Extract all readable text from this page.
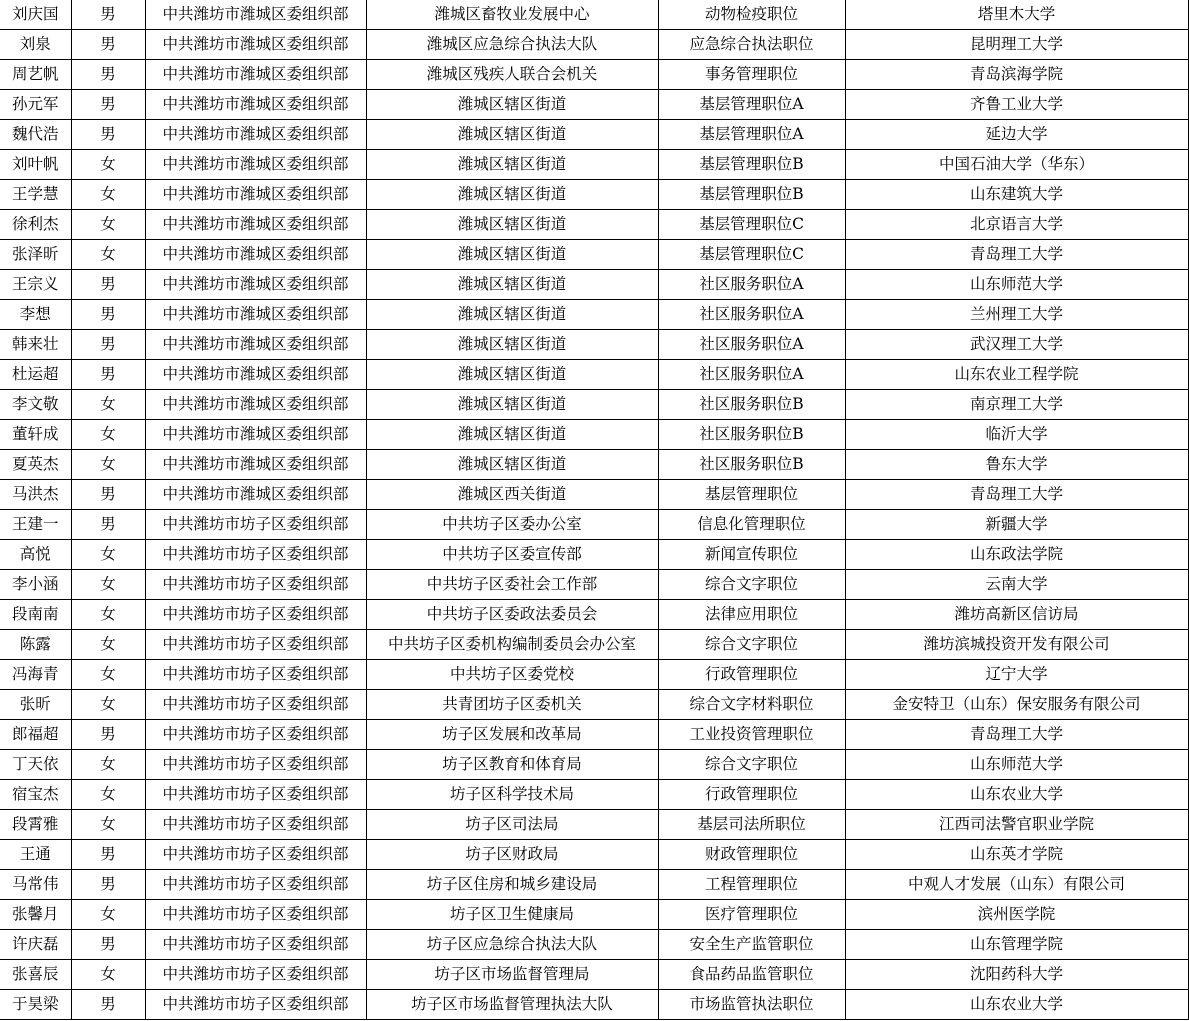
刘庆国	男	中共潍坊市潍城区委组织部	潍城区畜牧业发展中心	动物检疫职位	塔里木大学
刘泉	男	中共潍坊市潍城区委组织部	潍城区应急综合执法大队	应急综合执法职位	昆明理工大学
周艺帆	男	中共潍坊市潍城区委组织部	潍城区残疾人联合会机关	事务管理职位	青岛滨海学院
孙元军	男	中共潍坊市潍城区委组织部	潍城区辖区街道	基层管理职位A	齐鲁工业大学
魏代浩	男	中共潍坊市潍城区委组织部	潍城区辖区街道	基层管理职位A	延边大学
刘叶帆	女	中共潍坊市潍城区委组织部	潍城区辖区街道	基层管理职位B	中国石油大学（华东）
王学慧	女	中共潍坊市潍城区委组织部	潍城区辖区街道	基层管理职位B	山东建筑大学
徐利杰	女	中共潍坊市潍城区委组织部	潍城区辖区街道	基层管理职位C	北京语言大学
张泽昕	女	中共潍坊市潍城区委组织部	潍城区辖区街道	基层管理职位C	青岛理工大学
王宗义	男	中共潍坊市潍城区委组织部	潍城区辖区街道	社区服务职位A	山东师范大学
李想	男	中共潍坊市潍城区委组织部	潍城区辖区街道	社区服务职位A	兰州理工大学
韩来壮	男	中共潍坊市潍城区委组织部	潍城区辖区街道	社区服务职位A	武汉理工大学
杜运超	男	中共潍坊市潍城区委组织部	潍城区辖区街道	社区服务职位A	山东农业工程学院
李文敬	女	中共潍坊市潍城区委组织部	潍城区辖区街道	社区服务职位B	南京理工大学
董轩成	女	中共潍坊市潍城区委组织部	潍城区辖区街道	社区服务职位B	临沂大学
夏英杰	女	中共潍坊市潍城区委组织部	潍城区辖区街道	社区服务职位B	鲁东大学
马洪杰	男	中共潍坊市潍城区委组织部	潍城区西关街道	基层管理职位	青岛理工大学
王建一	男	中共潍坊市坊子区委组织部	中共坊子区委办公室	信息化管理职位	新疆大学
高悦	女	中共潍坊市坊子区委组织部	中共坊子区委宣传部	新闻宣传职位	山东政法学院
李小涵	女	中共潍坊市坊子区委组织部	中共坊子区委社会工作部	综合文字职位	云南大学
段南南	女	中共潍坊市坊子区委组织部	中共坊子区委政法委员会	法律应用职位	潍坊高新区信访局
陈露	女	中共潍坊市坊子区委组织部	中共坊子区委机构编制委员会办公室	综合文字职位	潍坊滨城投资开发有限公司
冯海青	女	中共潍坊市坊子区委组织部	中共坊子区委党校	行政管理职位	辽宁大学
张昕	女	中共潍坊市坊子区委组织部	共青团坊子区委机关	综合文字材料职位	金安特卫（山东）保安服务有限公司
郎福超	男	中共潍坊市坊子区委组织部	坊子区发展和改革局	工业投资管理职位	青岛理工大学
丁天依	女	中共潍坊市坊子区委组织部	坊子区教育和体育局	综合文字职位	山东师范大学
宿宝杰	女	中共潍坊市坊子区委组织部	坊子区科学技术局	行政管理职位	山东农业大学
段霄雅	女	中共潍坊市坊子区委组织部	坊子区司法局	基层司法所职位	江西司法警官职业学院
王通	男	中共潍坊市坊子区委组织部	坊子区财政局	财政管理职位	山东英才学院
马常伟	男	中共潍坊市坊子区委组织部	坊子区住房和城乡建设局	工程管理职位	中观人才发展（山东）有限公司
张馨月	女	中共潍坊市坊子区委组织部	坊子区卫生健康局	医疗管理职位	滨州医学院
许庆磊	男	中共潍坊市坊子区委组织部	坊子区应急综合执法大队	安全生产监管职位	山东管理学院
张喜辰	女	中共潍坊市坊子区委组织部	坊子区市场监督管理局	食品药品监管职位	沈阳药科大学
于昊梁	男	中共潍坊市坊子区委组织部	坊子区市场监督管理执法大队	市场监管执法职位	山东农业大学
